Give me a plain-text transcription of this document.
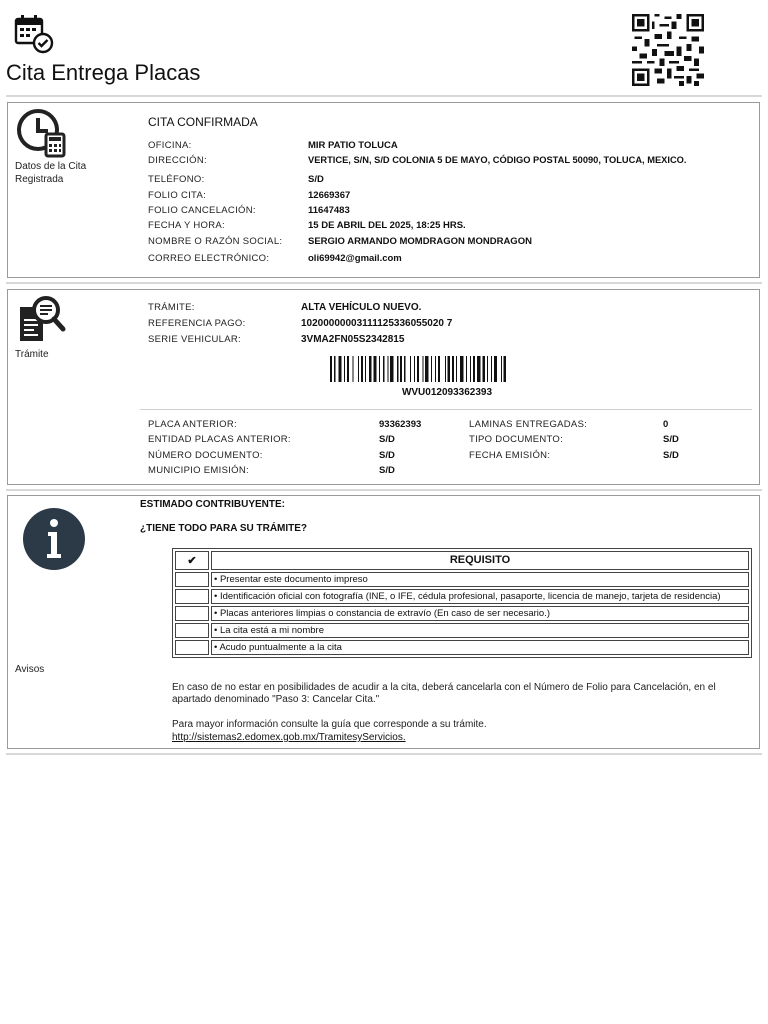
Cita Entrega Placas
Datos de la Cita Registrada
CITA CONFIRMADA
OFICINA:	MIR PATIO TOLUCA
DIRECCIÓN:	VERTICE, S/N, S/D COLONIA 5 DE MAYO, CÓDIGO POSTAL 50090, TOLUCA, MEXICO.
TELÉFONO:	S/D
FOLIO CITA:	12669367
FOLIO CANCELACIÓN:	11647483
FECHA Y HORA:	15 DE ABRIL DEL 2025, 18:25 HRS.
NOMBRE O RAZÓN SOCIAL:	SERGIO ARMANDO MOMDRAGON MONDRAGON
CORREO ELECTRÓNICO:	oli69942@gmail.com
Trámite
TRÁMITE:	ALTA VEHÍCULO NUEVO.
REFERENCIA PAGO:	10200000003111125336055020 7
SERIE VEHICULAR:	3VMA2FN05S2342815
WVU012093362393
PLACA ANTERIOR:	93362393	LAMINAS ENTREGADAS:	0
ENTIDAD PLACAS ANTERIOR:	S/D	TIPO DOCUMENTO:	S/D
NÚMERO DOCUMENTO:	S/D	FECHA EMISIÓN:	S/D
MUNICIPIO EMISIÓN:	S/D
Avisos
ESTIMADO CONTRIBUYENTE:
¿TIENE TODO PARA SU TRÁMITE?
✔	REQUISITO
	• Presentar este documento impreso
	• Identificación oficial con fotografía (INE, o IFE, cédula profesional, pasaporte, licencia de manejo, tarjeta de residencia)
	• Placas anteriores limpias o constancia de extravío (En caso de ser necesario.)
	• La cita está a mi nombre
	• Acudo puntualmente a la cita
En caso de no estar en posibilidades de acudir a la cita, deberá cancelarla con el Número de Folio para Cancelación, en el apartado denominado "Paso 3: Cancelar Cita."
Para mayor información consulte la guía que corresponde a su trámite.
http://sistemas2.edomex.gob.mx/TramitesyServicios.
